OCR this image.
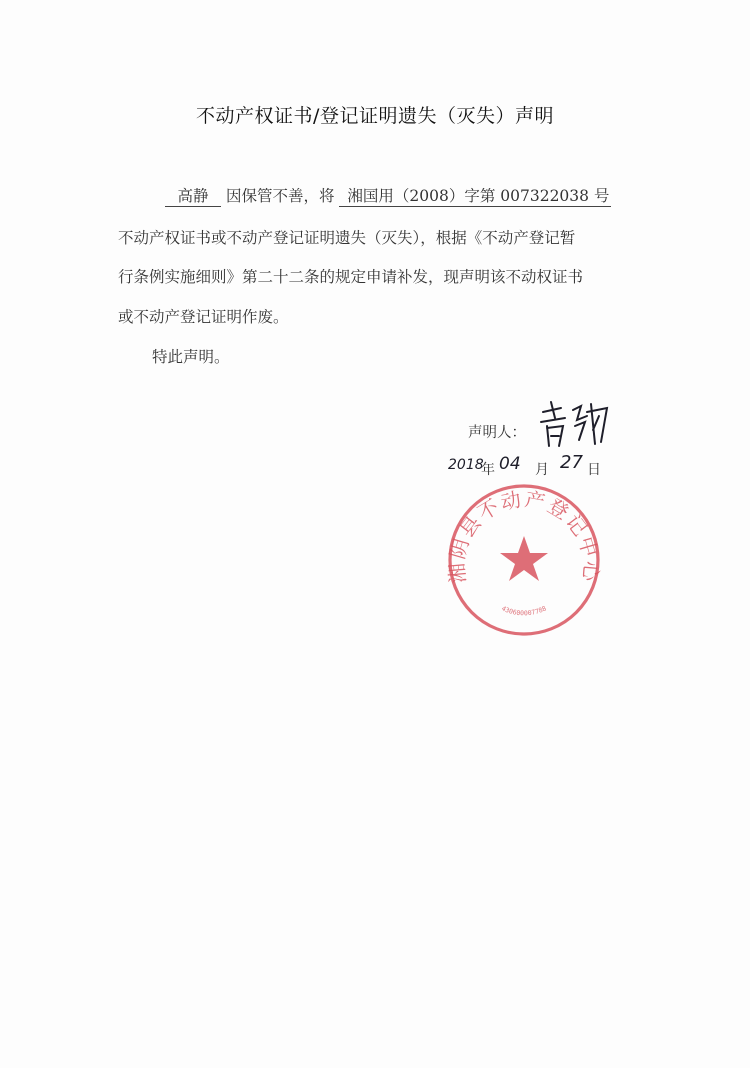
不动产权证书/登记证明遗失（灭失）声明
高静 因保管不善，将 湘国用（2008）字第 007322038 号
不动产权证书或不动产登记证明遗失（灭失），根据《不动产登记暂
行条例实施细则》第二十二条的规定申请补发，现声明该不动权证书
或不动产登记证明作废。
特此声明。
声明人：
2018
年 04 月 27 日
湘阴县不动产登记中心
430600007788
